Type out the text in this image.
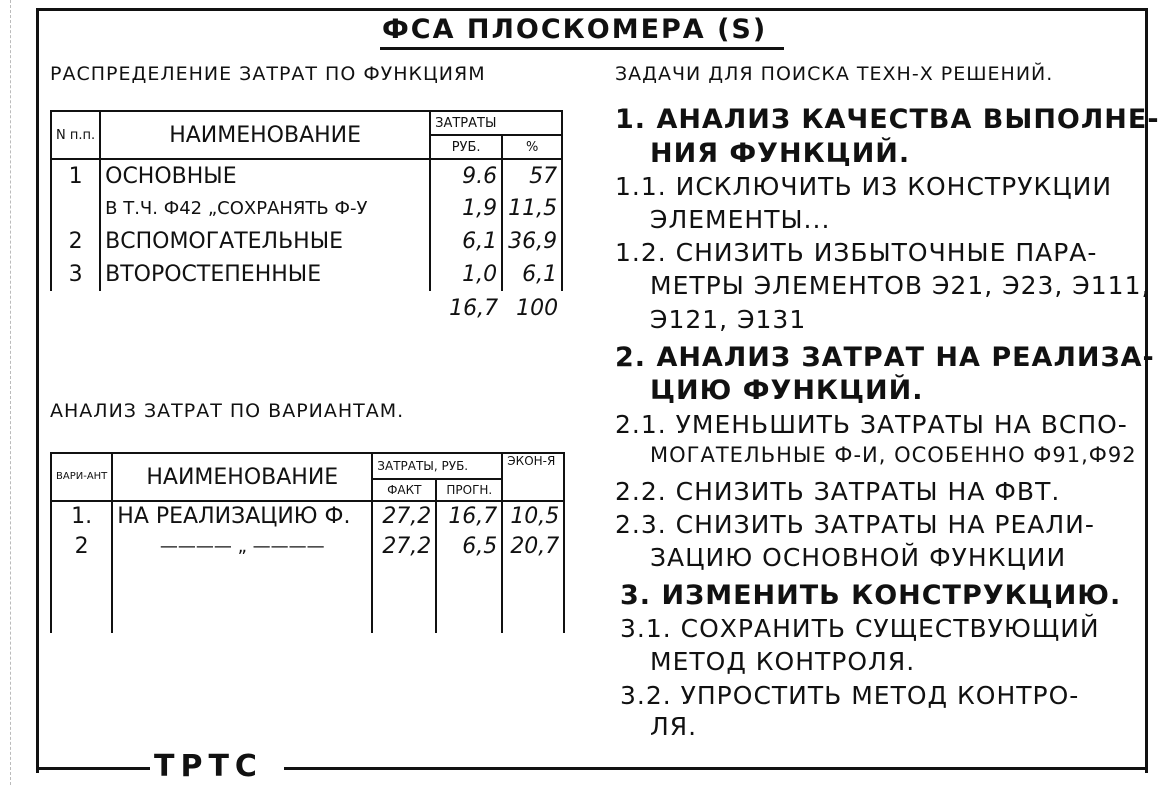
ТРТС
ФСА ПЛОСКОМЕРА (S)
РАСПРЕДЕЛЕНИЕ ЗАТРАТ ПО ФУНКЦИЯМ	ЗАДАЧИ ДЛЯ ПОИСКА ТЕХН-Х РЕШЕНИЙ.
АНАЛИЗ ЗАТРАТ ПО ВАРИАНТАМ.
N п.п.	НАИМЕНОВАНИЕ	ЗАТРАТЫ	
		РУБ.	%
1	ОСНОВНЫЕ	9.6	57
	В Т.Ч. Ф42 „СОХРАНЯТЬ Ф-У	1,9	11,5
2	ВСПОМОГАТЕЛЬНЫЕ	6,1	36,9
3	ВТОРОСТЕПЕННЫЕ	1,0	6,1
		16,7	100
ВАРИ-АНТ	НАИМЕНОВАНИЕ	ЗАТРАТЫ, РУБ.		ЭКОН-Я
		ФАКТ	ПРОГН.	
1.	НА РЕАЛИЗАЦИЮ Ф.	27,2	16,7	10,5
2	———— „ ————	27,2	6,5	20,7

1. АНАЛИЗ КАЧЕСТВА ВЫПОЛНЕ-
НИЯ ФУНКЦИЙ.
1.1. ИСКЛЮЧИТЬ ИЗ КОНСТРУКЦИИ
ЭЛЕМЕНТЫ...
1.2. СНИЗИТЬ ИЗБЫТОЧНЫЕ ПАРА-
МЕТРЫ ЭЛЕМЕНТОВ Э21, Э23, Э111,
Э121, Э131
2. АНАЛИЗ ЗАТРАТ НА РЕАЛИЗА-
ЦИЮ ФУНКЦИЙ.
2.1. УМЕНЬШИТЬ ЗАТРАТЫ НА ВСПО-
МОГАТЕЛЬНЫЕ Ф-И, ОСОБЕННО Ф91,Ф92
2.2. СНИЗИТЬ ЗАТРАТЫ НА ФВТ.
2.3. СНИЗИТЬ ЗАТРАТЫ НА РЕАЛИ-
ЗАЦИЮ ОСНОВНОЙ ФУНКЦИИ
3. ИЗМЕНИТЬ КОНСТРУКЦИЮ.
3.1. СОХРАНИТЬ СУЩЕСТВУЮЩИЙ
МЕТОД КОНТРОЛЯ.
3.2. УПРОСТИТЬ МЕТОД КОНТРО-
ЛЯ.
